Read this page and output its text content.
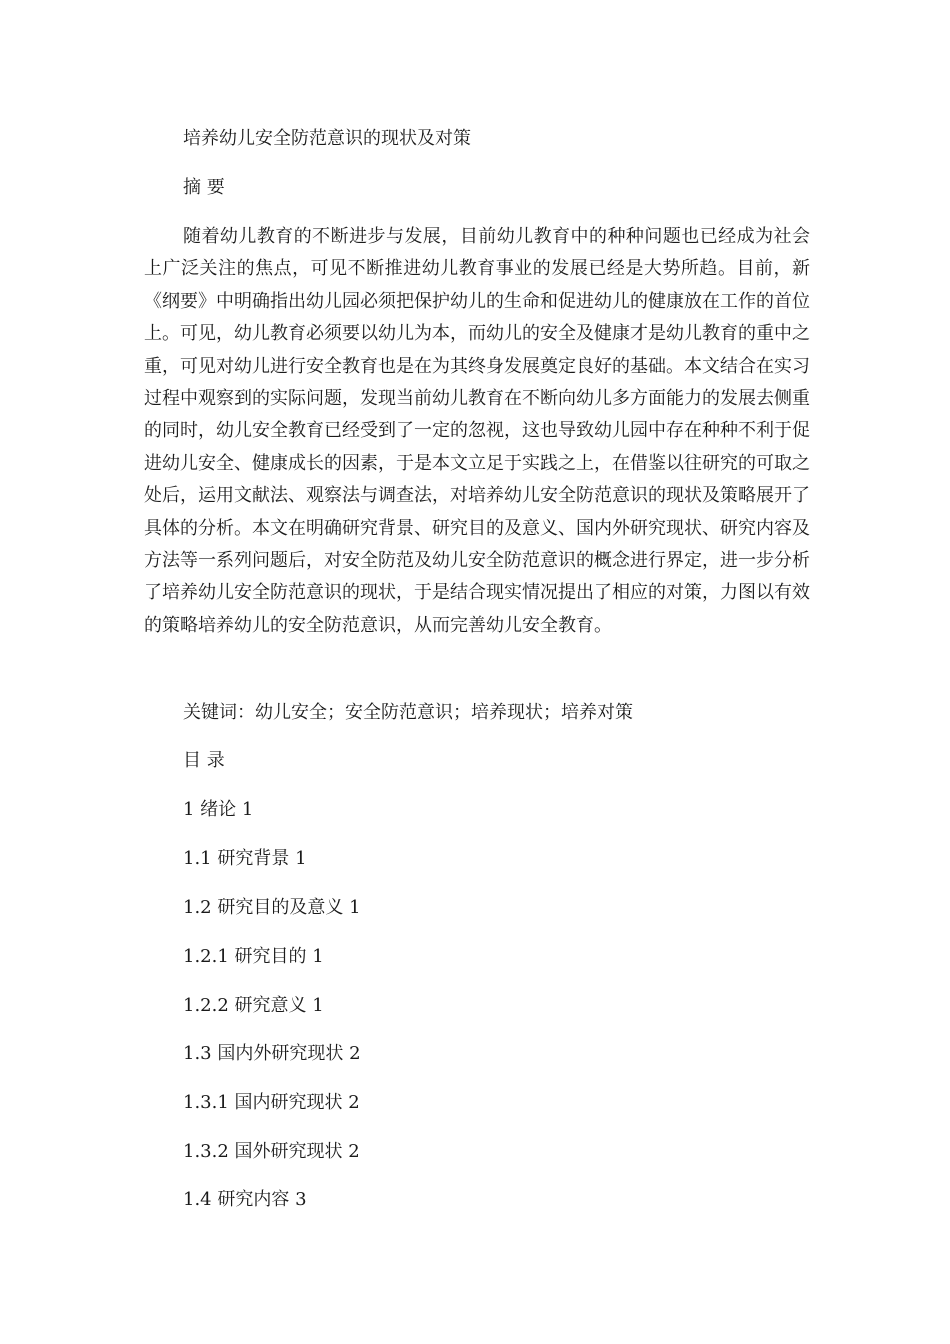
培养幼儿安全防范意识的现状及对策
摘 要
随着幼儿教育的不断进步与发展，目前幼儿教育中的种种问题也已经成为社会上广泛关注的焦点，可见不断推进幼儿教育事业的发展已经是大势所趋。目前，新《纲要》中明确指出幼儿园必须把保护幼儿的生命和促进幼儿的健康放在工作的首位上。可见，幼儿教育必须要以幼儿为本，而幼儿的安全及健康才是幼儿教育的重中之重，可见对幼儿进行安全教育也是在为其终身发展奠定良好的基础。本文结合在实习过程中观察到的实际问题，发现当前幼儿教育在不断向幼儿多方面能力的发展去侧重的同时，幼儿安全教育已经受到了一定的忽视，这也导致幼儿园中存在种种不利于促进幼儿安全、健康成长的因素，于是本文立足于实践之上，在借鉴以往研究的可取之处后，运用文献法、观察法与调查法，对培养幼儿安全防范意识的现状及策略展开了具体的分析。本文在明确研究背景、研究目的及意义、国内外研究现状、研究内容及方法等一系列问题后，对安全防范及幼儿安全防范意识的概念进行界定，进一步分析了培养幼儿安全防范意识的现状，于是结合现实情况提出了相应的对策，力图以有效的策略培养幼儿的安全防范意识，从而完善幼儿安全教育。
关键词：幼儿安全；安全防范意识；培养现状；培养对策
目 录
1 绪论 1
1.1 研究背景 1
1.2 研究目的及意义 1
1.2.1 研究目的 1
1.2.2 研究意义 1
1.3 国内外研究现状 2
1.3.1 国内研究现状 2
1.3.2 国外研究现状 2
1.4 研究内容 3
